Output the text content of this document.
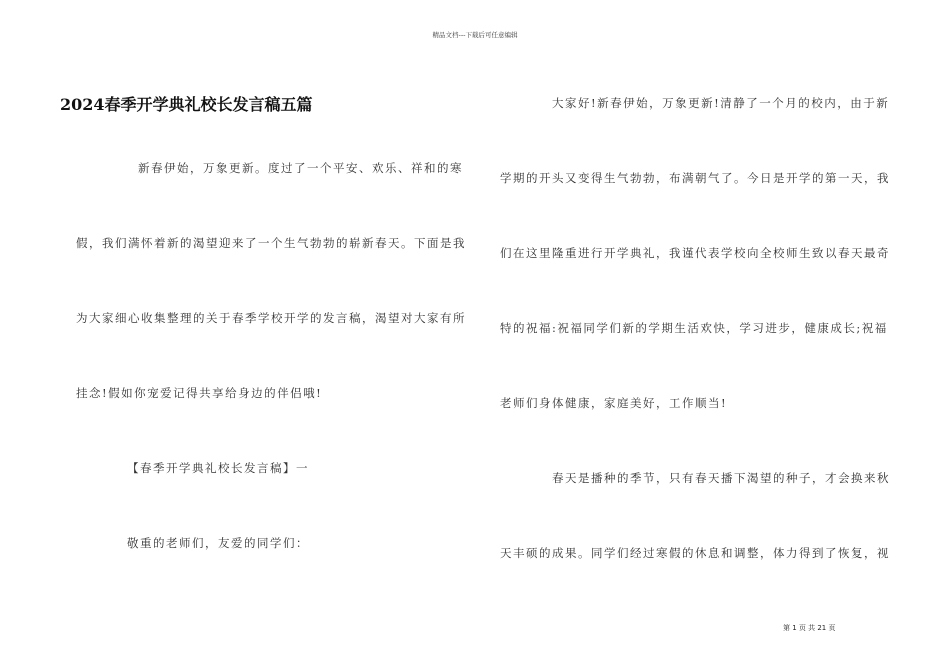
精品文档---下载后可任意编辑
2024春季开学典礼校长发言稿五篇
新春伊始，万象更新。度过了一个平安、欢乐、祥和的寒
假，我们满怀着新的渴望迎来了一个生气勃勃的崭新春天。下面是我
为大家细心收集整理的关于春季学校开学的发言稿，渴望对大家有所
挂念!假如你宠爱记得共享给身边的伴侣哦!
【春季开学典礼校长发言稿】一
敬重的老师们，友爱的同学们：
大家好!新春伊始，万象更新!清静了一个月的校内，由于新
学期的开头又变得生气勃勃，布满朝气了。今日是开学的第一天，我
们在这里隆重进行开学典礼，我谨代表学校向全校师生致以春天最奇
特的祝福:祝福同学们新的学期生活欢快，学习进步，健康成长;祝福
老师们身体健康，家庭美好，工作顺当!
春天是播种的季节，只有春天播下渴望的种子，才会换来秋
天丰硕的成果。同学们经过寒假的休息和调整，体力得到了恢复，视
第 1 页 共 21 页
